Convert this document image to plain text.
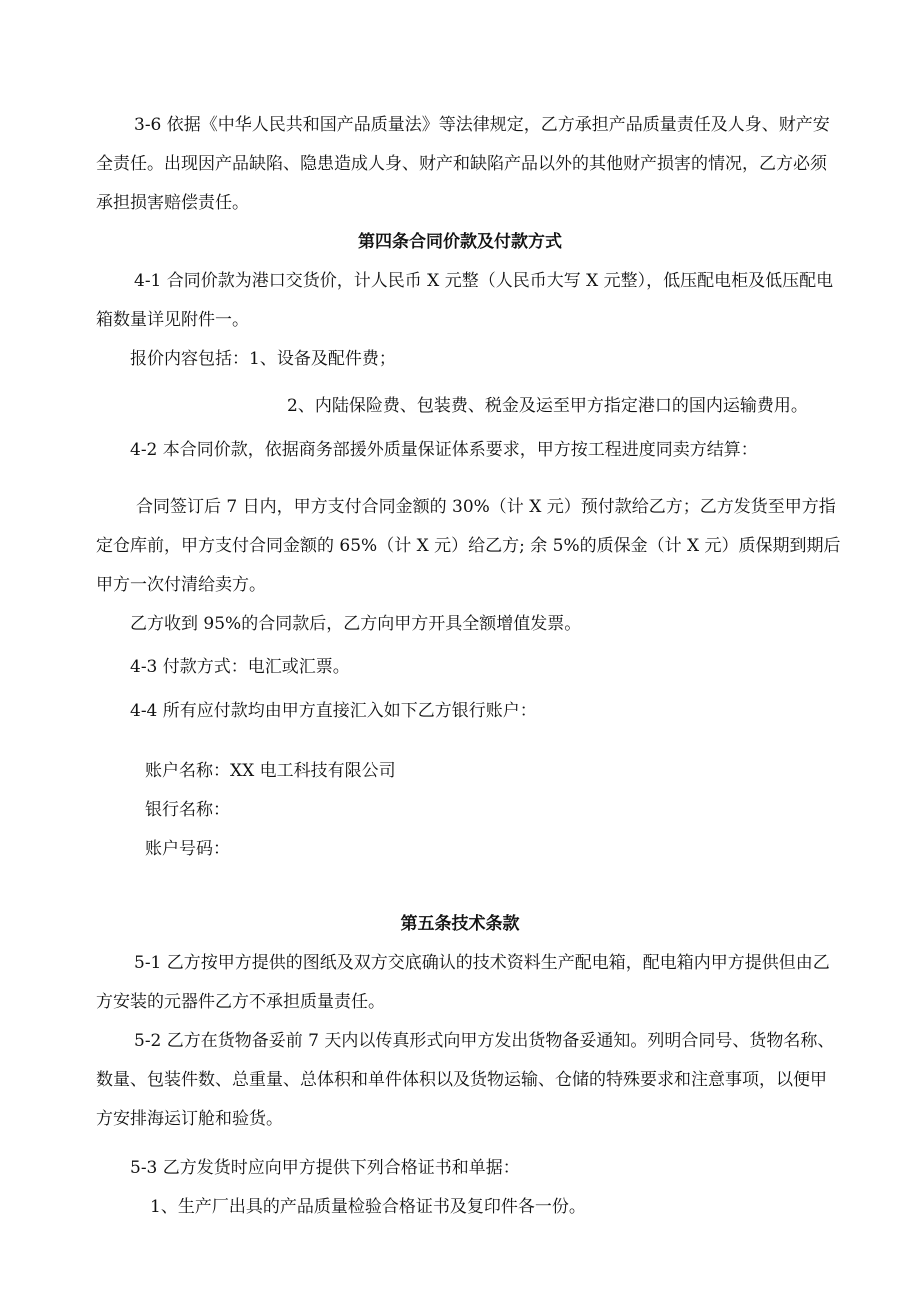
3-6 依据《中华人民共和国产品质量法》等法律规定，乙方承担产品质量责任及人身、财产安
全责任。出现因产品缺陷、隐患造成人身、财产和缺陷产品以外的其他财产损害的情况，乙方必须
承担损害赔偿责任。
第四条合同价款及付款方式
4-1 合同价款为港口交货价，计人民币 X 元整（人民币大写 X 元整），低压配电柜及低压配电
箱数量详见附件一。
报价内容包括：1、设备及配件费；
2、内陆保险费、包装费、税金及运至甲方指定港口的国内运输费用。
4-2 本合同价款，依据商务部援外质量保证体系要求，甲方按工程进度同卖方结算：
合同签订后 7 日内，甲方支付合同金额的 30%（计 X 元）预付款给乙方；乙方发货至甲方指
定仓库前，甲方支付合同金额的 65%（计 X 元）给乙方; 余 5%的质保金（计 X 元）质保期到期后
甲方一次付清给卖方。
乙方收到 95%的合同款后，乙方向甲方开具全额增值发票。
4-3 付款方式：电汇或汇票。
4-4 所有应付款均由甲方直接汇入如下乙方银行账户：
账户名称：XX 电工科技有限公司
银行名称：
账户号码：
第五条技术条款
5-1 乙方按甲方提供的图纸及双方交底确认的技术资料生产配电箱，配电箱内甲方提供但由乙
方安装的元器件乙方不承担质量责任。
5-2 乙方在货物备妥前 7 天内以传真形式向甲方发出货物备妥通知。列明合同号、货物名称、
数量、包装件数、总重量、总体积和单件体积以及货物运输、仓储的特殊要求和注意事项，以便甲
方安排海运订舱和验货。
5-3 乙方发货时应向甲方提供下列合格证书和单据：
1、生产厂出具的产品质量检验合格证书及复印件各一份。
